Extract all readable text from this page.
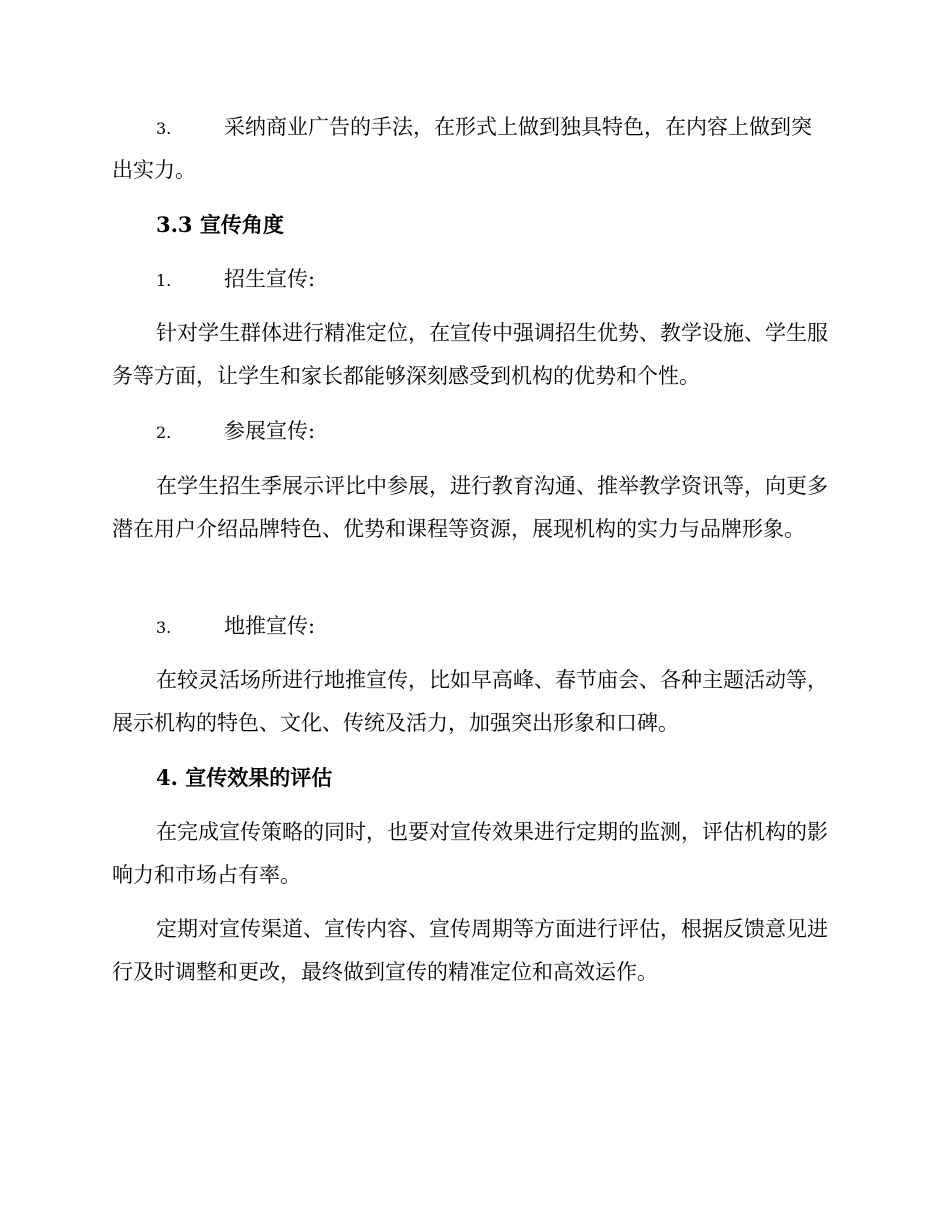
3.	采纳商业广告的手法，在形式上做到独具特色，在内容上做到突
出实力。
3.3 宣传角度
1.	招生宣传:
针对学生群体进行精准定位，在宣传中强调招生优势、教学设施、学生服务等方面，让学生和家长都能够深刻感受到机构的优势和个性。
2.	参展宣传:
在学生招生季展示评比中参展，进行教育沟通、推举教学资讯等，向更多潜在用户介绍品牌特色、优势和课程等资源，展现机构的实力与品牌形象。
3.	地推宣传:
在较灵活场所进行地推宣传，比如早高峰、春节庙会、各种主题活动等，展示机构的特色、文化、传统及活力，加强突出形象和口碑。
4. 宣传效果的评估
在完成宣传策略的同时，也要对宣传效果进行定期的监测，评估机构的影响力和市场占有率。
定期对宣传渠道、宣传内容、宣传周期等方面进行评估，根据反馈意见进行及时调整和更改，最终做到宣传的精准定位和高效运作。
